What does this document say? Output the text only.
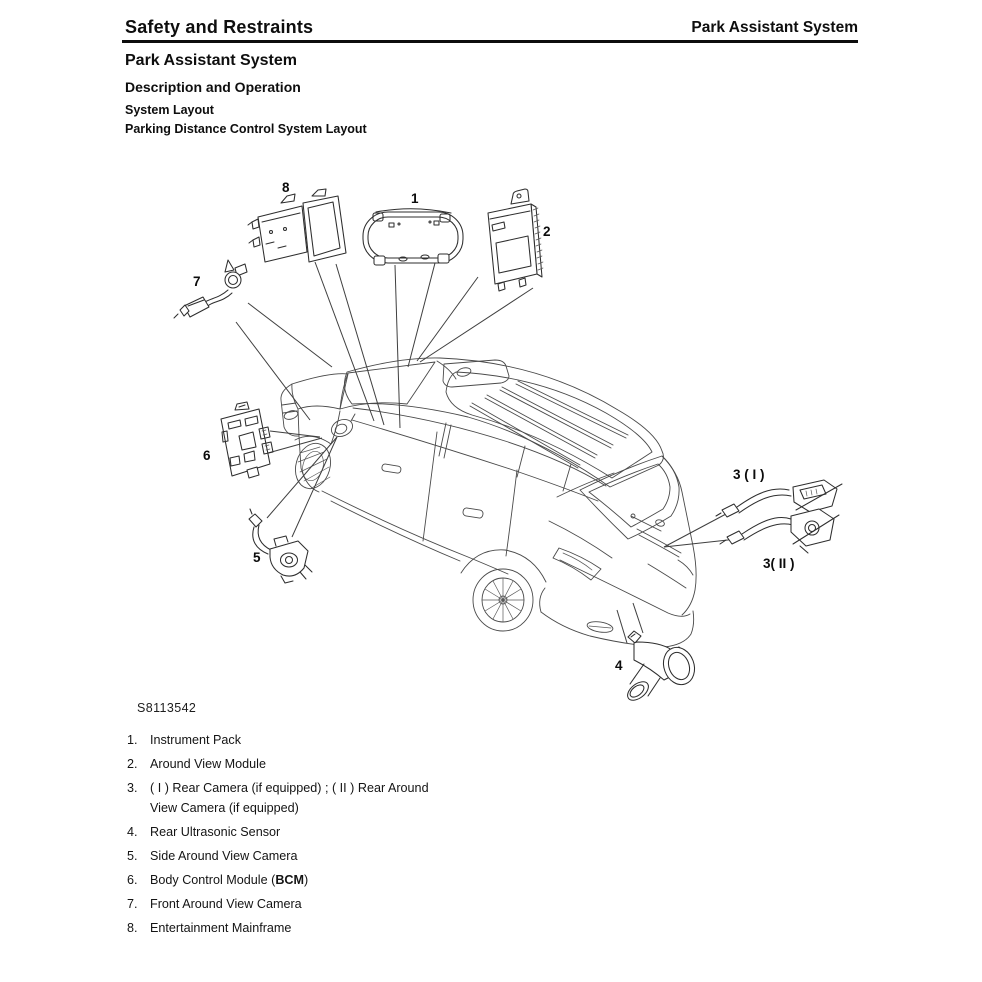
Safety and Restraints	Park Assistant System
Park Assistant System
Description and Operation
System Layout
Parking Distance Control System Layout
8
1
2
7
6
5
3 ( I )
3( II )
4
S8113542
1. Instrument Pack
2. Around View Module
3. ( I ) Rear Camera (if equipped) ; ( II ) Rear Around
View Camera (if equipped)
4. Rear Ultrasonic Sensor
5. Side Around View Camera
6. Body Control Module (BCM)
7. Front Around View Camera
8. Entertainment Mainframe
